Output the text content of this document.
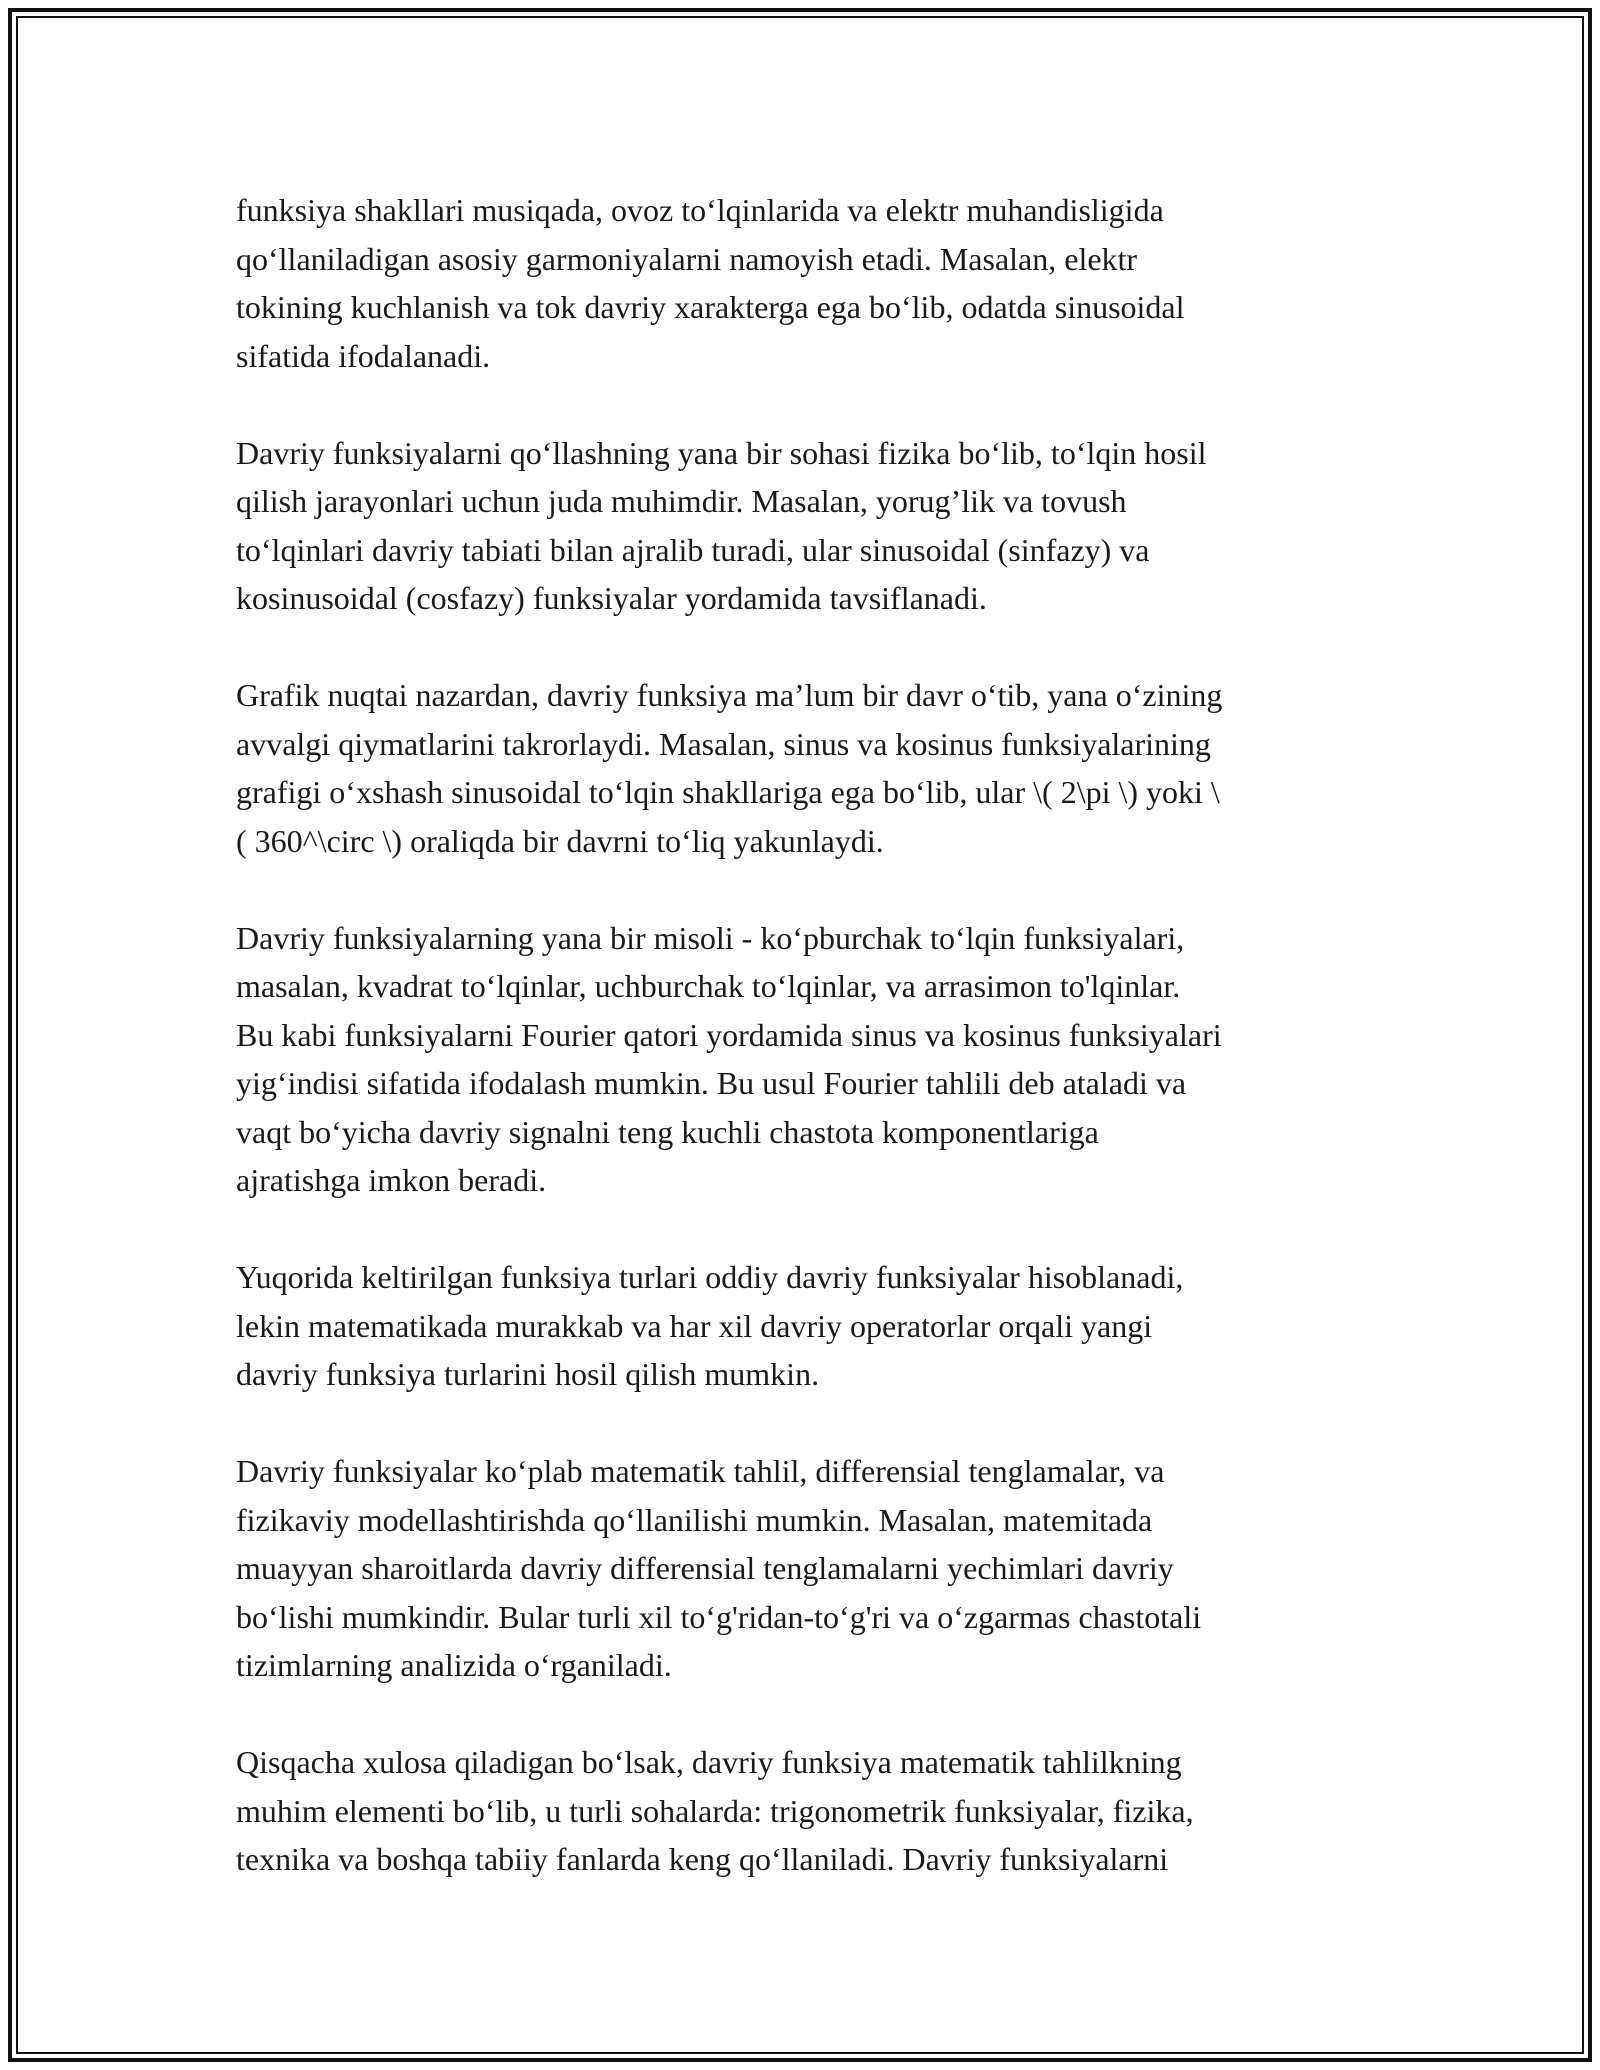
funksiya shakllari musiqada, ovoz to‘lqinlarida va elektr muhandisligida
qo‘llaniladigan asosiy garmoniyalarni namoyish etadi. Masalan, elektr
tokining kuchlanish va tok davriy xarakterga ega bo‘lib, odatda sinusoidal
sifatida ifodalanadi.

Davriy funksiyalarni qo‘llashning yana bir sohasi fizika bo‘lib, to‘lqin hosil
qilish jarayonlari uchun juda muhimdir. Masalan, yorug’lik va tovush
to‘lqinlari davriy tabiati bilan ajralib turadi, ular sinusoidal (sinfazy) va
kosinusoidal (cosfazy) funksiyalar yordamida tavsiflanadi.

Grafik nuqtai nazardan, davriy funksiya ma’lum bir davr o‘tib, yana o‘zining
avvalgi qiymatlarini takrorlaydi. Masalan, sinus va kosinus funksiyalarining
grafigi o‘xshash sinusoidal to‘lqin shakllariga ega bo‘lib, ular \( 2\pi \) yoki \
( 360^\circ \) oraliqda bir davrni to‘liq yakunlaydi.

Davriy funksiyalarning yana bir misoli - ko‘pburchak to‘lqin funksiyalari,
masalan, kvadrat to‘lqinlar, uchburchak to‘lqinlar, va arrasimon to'lqinlar.
Bu kabi funksiyalarni Fourier qatori yordamida sinus va kosinus funksiyalari
yig‘indisi sifatida ifodalash mumkin. Bu usul Fourier tahlili deb ataladi va
vaqt bo‘yicha davriy signalni teng kuchli chastota komponentlariga
ajratishga imkon beradi.

Yuqorida keltirilgan funksiya turlari oddiy davriy funksiyalar hisoblanadi,
lekin matematikada murakkab va har xil davriy operatorlar orqali yangi
davriy funksiya turlarini hosil qilish mumkin.

Davriy funksiyalar ko‘plab matematik tahlil, differensial tenglamalar, va
fizikaviy modellashtirishda qo‘llanilishi mumkin. Masalan, matemitada
muayyan sharoitlarda davriy differensial tenglamalarni yechimlari davriy
bo‘lishi mumkindir. Bular turli xil to‘g'ridan-to‘g'ri va o‘zgarmas chastotali
tizimlarning analizida o‘rganiladi.

Qisqacha xulosa qiladigan bo‘lsak, davriy funksiya matematik tahlilkning
muhim elementi bo‘lib, u turli sohalarda: trigonometrik funksiyalar, fizika,
texnika va boshqa tabiiy fanlarda keng qo‘llaniladi. Davriy funksiyalarni
